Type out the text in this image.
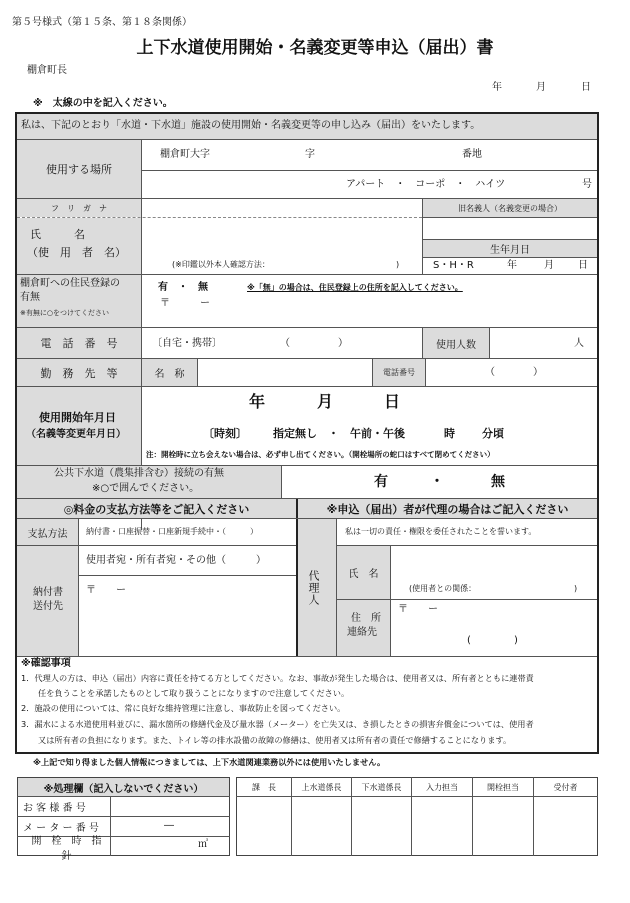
第５号様式（第１５条、第１８条関係）
上下水道使用開始・名義変更等申込（届出）書
棚倉町長
年	月	日
※　太線の中を記入ください。
私は、下記のとおり「水道・下水道」施設の使用開始・名義変更等の申し込み（届出）をいたします。
使用する場所
棚倉町大字	字	番地
アパート　・　コーポ　・　ハイツ	号
フ　リ　ガ　ナ	旧名義人（名義変更の場合）
氏　　　名
（使　用　者　名）
(※印鑑以外本人確認方法：	)
生年月日
S・H・R	年	月 日
棚倉町への住民登録の
有無
※有無に○をつけてください
有　・　無	※「無」の場合は、住民登録上の住所を記入してください。
〒　　　ー
電　話　番　号	〔自宅・携帯〕	（	）	使用人数	人
勤　務　先　等	名　称	電話番号	（	）
使用開始年月日
（名義等変更年月日）
年	月	日
〔時刻〕 指定無し　・　午前・午後	時 分頃
注：開栓時に立ち会えない場合は、必ず申し出てください。（開栓場所の蛇口はすべて閉めてください）
公共下水道（農集排含む）接続の有無
※○で囲んでください。	有	・	無
◎料金の支払方法等をご記入ください	※申込（届出）者が代理の場合はご記入ください
支払方法	納付書・口座振替・口座新規手続中・（　　　）
納付書
送付先
使用者宛・所有者宛・その他（　　　）
〒　　ー	代理人
私は一切の責任・権限を委任されたことを誓います。
氏　名
(使用者との関係：	)
住　所
連絡先
〒　　ー
(	)
※確認事項
1．代理人の方は、申込（届出）内容に責任を持てる方としてください。なお、事故が発生した場合は、使用者又は、所有者とともに連帯責
任を負うことを承諾したものとして取り扱うことになりますので注意してください。
2．施設の使用については、常に良好な維持管理に注意し、事故防止を図ってください。
3．漏水による水道使用料並びに、漏水箇所の修繕代金及び量水器（メーター）を亡失又は、き損したときの損害弁償金については、使用者
又は所有者の負担になります。また、トイレ等の排水設備の故障の修繕は、使用者又は所有者の責任で修繕することになります。
※上記で知り得ました個人情報につきましては、上下水道関連業務以外には使用いたしません。
※処理欄（記入しないでください）
お 客 様 番 号
メ ー タ ー 番 号	―
開　栓　時　指　針
㎥
課　長	上水道係長	下水道係長	入力担当	開栓担当	受付者
